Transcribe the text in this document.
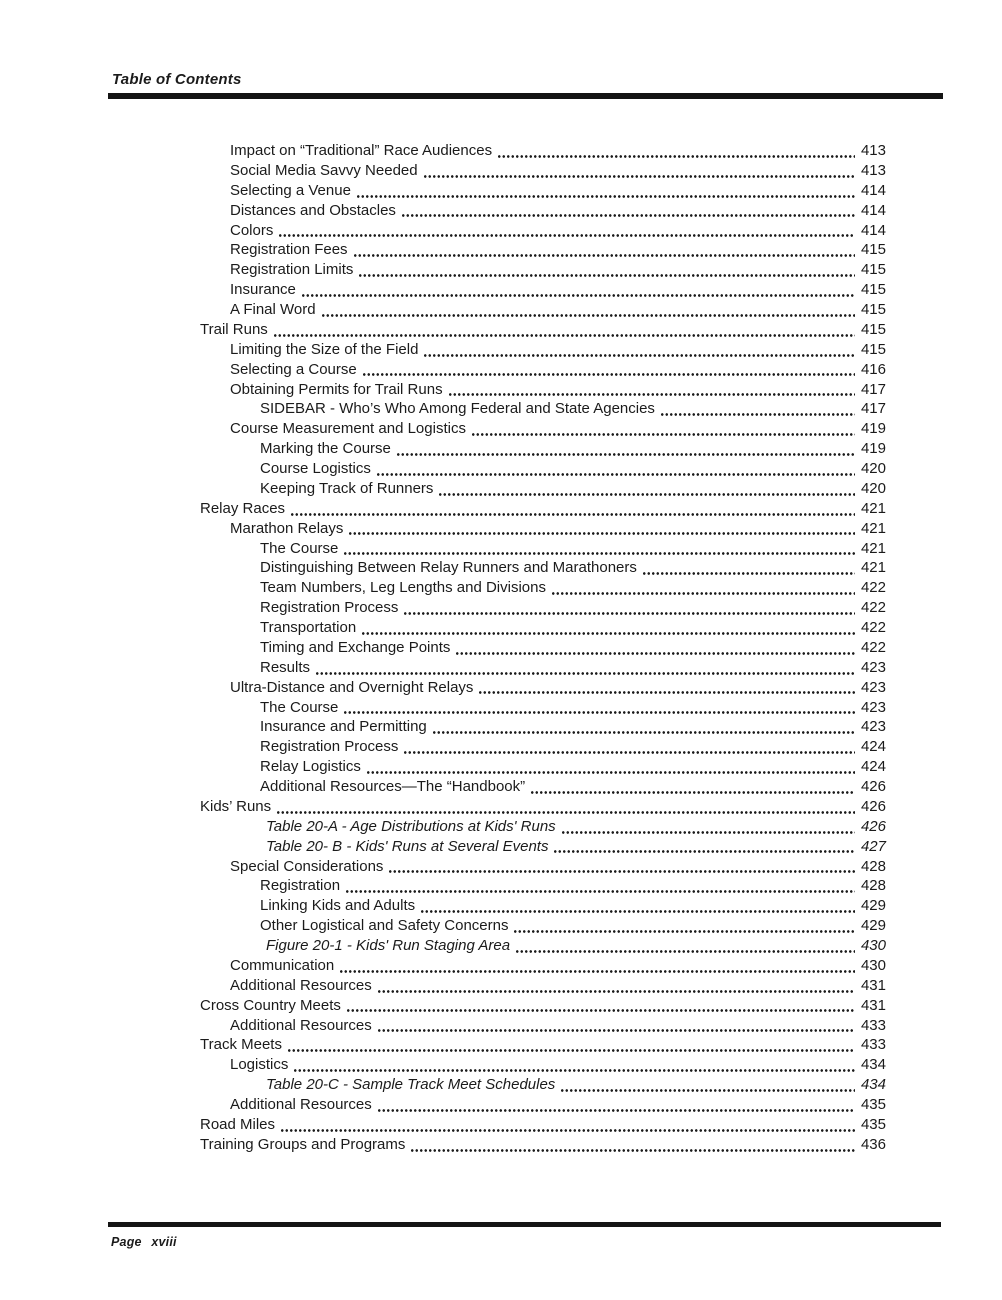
Table of Contents
Impact on “Traditional” Race Audiences	413
Social Media Savvy Needed	413
Selecting a Venue	414
Distances and Obstacles	414
Colors	414
Registration Fees	415
Registration Limits	415
Insurance	415
A Final Word	415
Trail Runs	415
Limiting the Size of the Field	415
Selecting a Course	416
Obtaining Permits for Trail Runs	417
SIDEBAR - Who’s Who Among Federal and State Agencies	417
Course Measurement and Logistics	419
Marking the Course	419
Course Logistics	420
Keeping Track of Runners	420
Relay Races	421
Marathon Relays	421
The Course	421
Distinguishing Between Relay Runners and Marathoners	421
Team Numbers, Leg Lengths and Divisions	422
Registration Process	422
Transportation	422
Timing and Exchange Points	422
Results	423
Ultra-Distance and Overnight Relays	423
The Course	423
Insurance and Permitting	423
Registration Process	424
Relay Logistics	424
Additional Resources—The “Handbook”	426
Kids’ Runs	426
Table 20-A - Age Distributions at Kids' Runs	426
Table 20- B - Kids' Runs at Several Events	427
Special Considerations	428
Registration	428
Linking Kids and Adults	429
Other Logistical and Safety Concerns	429
Figure 20-1 - Kids' Run Staging Area	430
Communication	430
Additional Resources	431
Cross Country Meets	431
Additional Resources	433
Track Meets	433
Logistics	434
Table 20-C - Sample Track Meet Schedules	434
Additional Resources	435
Road Miles	435
Training Groups and Programs	436
Page xviii
